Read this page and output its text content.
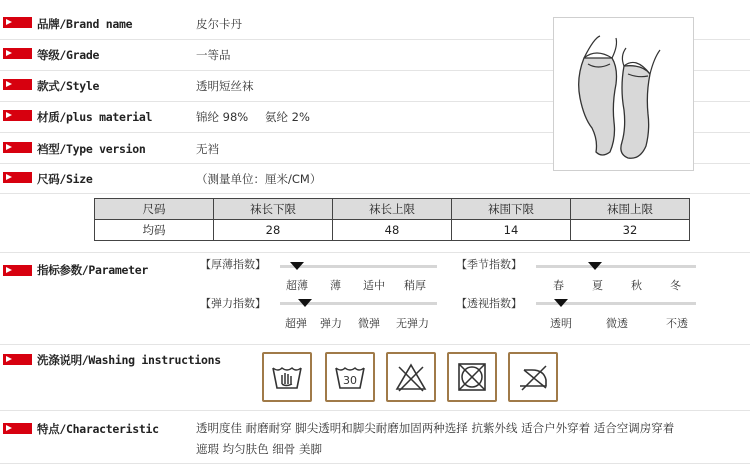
品牌/Brand name	皮尔卡丹
等级/Grade	一等品
款式/Style	透明短丝袜
材质/plus material	锦纶 98% 氨纶 2%
裆型/Type version	无裆
尺码/Size	（测量单位：厘米/CM）
尺码	袜长下限	袜长上限	袜围下限	袜围上限
均码	28	48	14	32
指标参数/Parameter	【厚薄指数】
超薄 薄 适中 稍厚
【季节指数】
春	夏	秋	冬
【弹力指数】
超弹 弹力 微弹 无弹力
【透视指数】
透明	微透	不透
洗涤说明/Washing instructions
30
特点/Characteristic	透明度佳 耐磨耐穿 脚尖透明和脚尖耐磨加固两种选择 抗紫外线 适合户外穿着 适合空调房穿着
遮瑕 均匀肤色 细骨 美脚
